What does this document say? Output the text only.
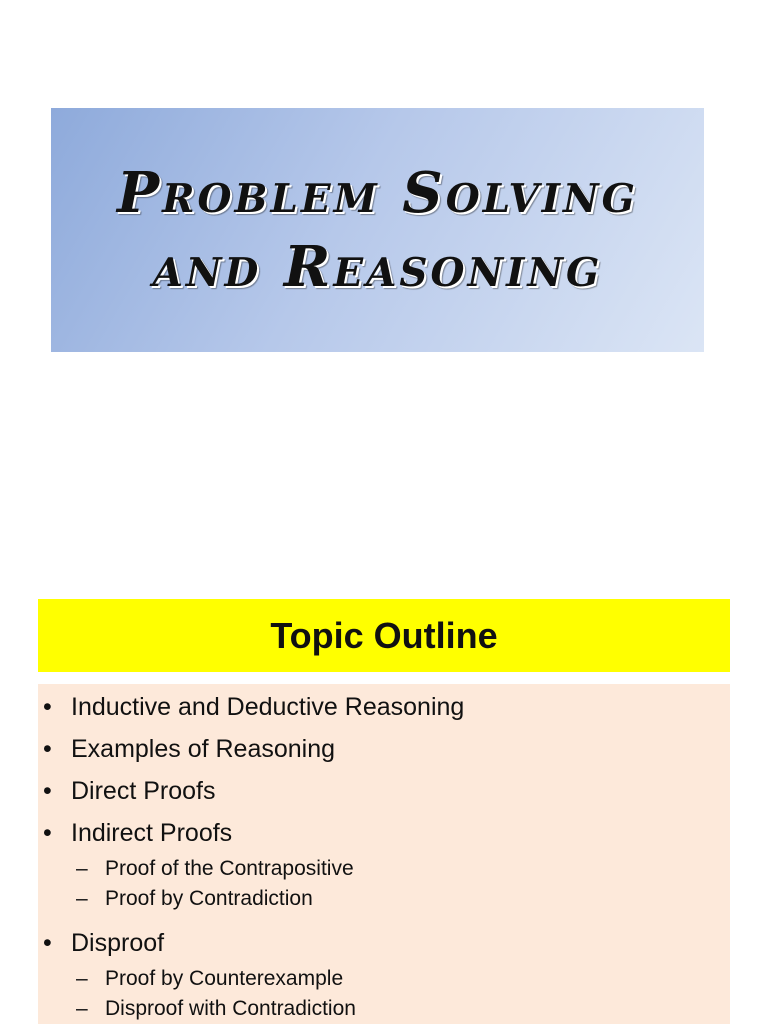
Problem Solving
and Reasoning
Topic Outline
• Inductive and Deductive Reasoning
• Examples of Reasoning
• Direct Proofs
• Indirect Proofs
– Proof of the Contrapositive
– Proof by Contradiction
• Disproof
– Proof by Counterexample
– Disproof with Contradiction
